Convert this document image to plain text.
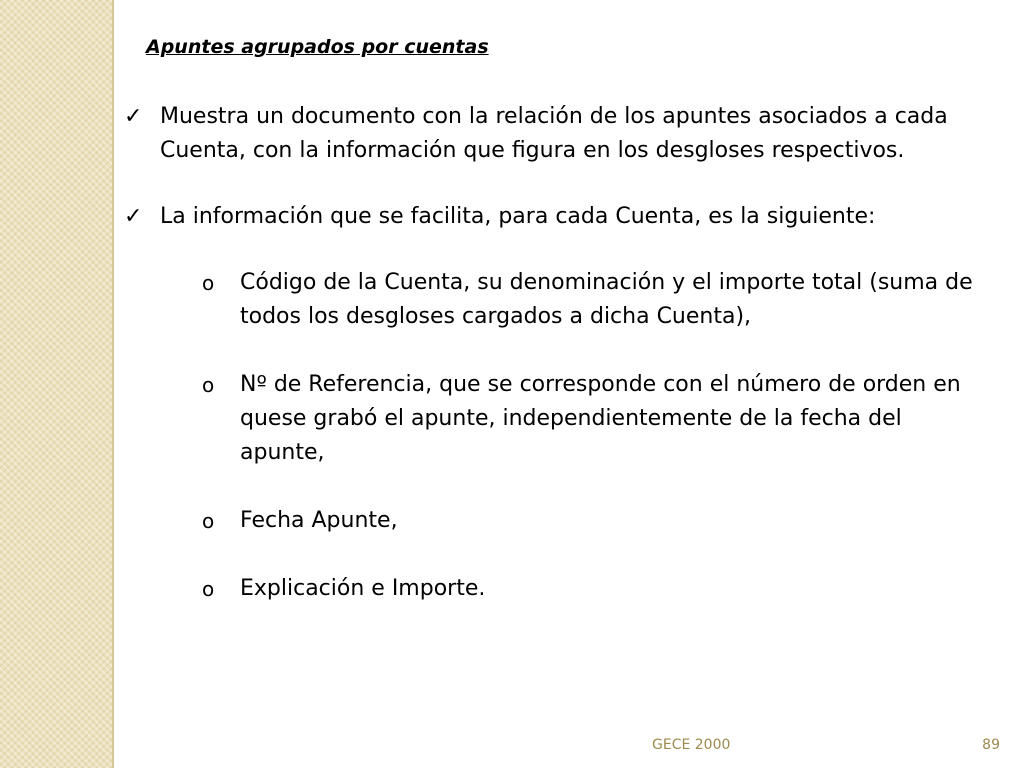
Apuntes agrupados por cuentas
✓ Muestra un documento con la relación de los apuntes asociados a cada Cuenta, con la información que figura en los desgloses respectivos.
✓ La información que se facilita, para cada Cuenta, es la siguiente:
o Código de la Cuenta, su denominación y el importe total (suma de todos los desgloses cargados a dicha Cuenta),
o Nº de Referencia, que se corresponde con el número de orden en quese grabó el apunte, independientemente de la fecha del apunte,
o Fecha Apunte,
o Explicación e Importe.
GECE 2000	89
